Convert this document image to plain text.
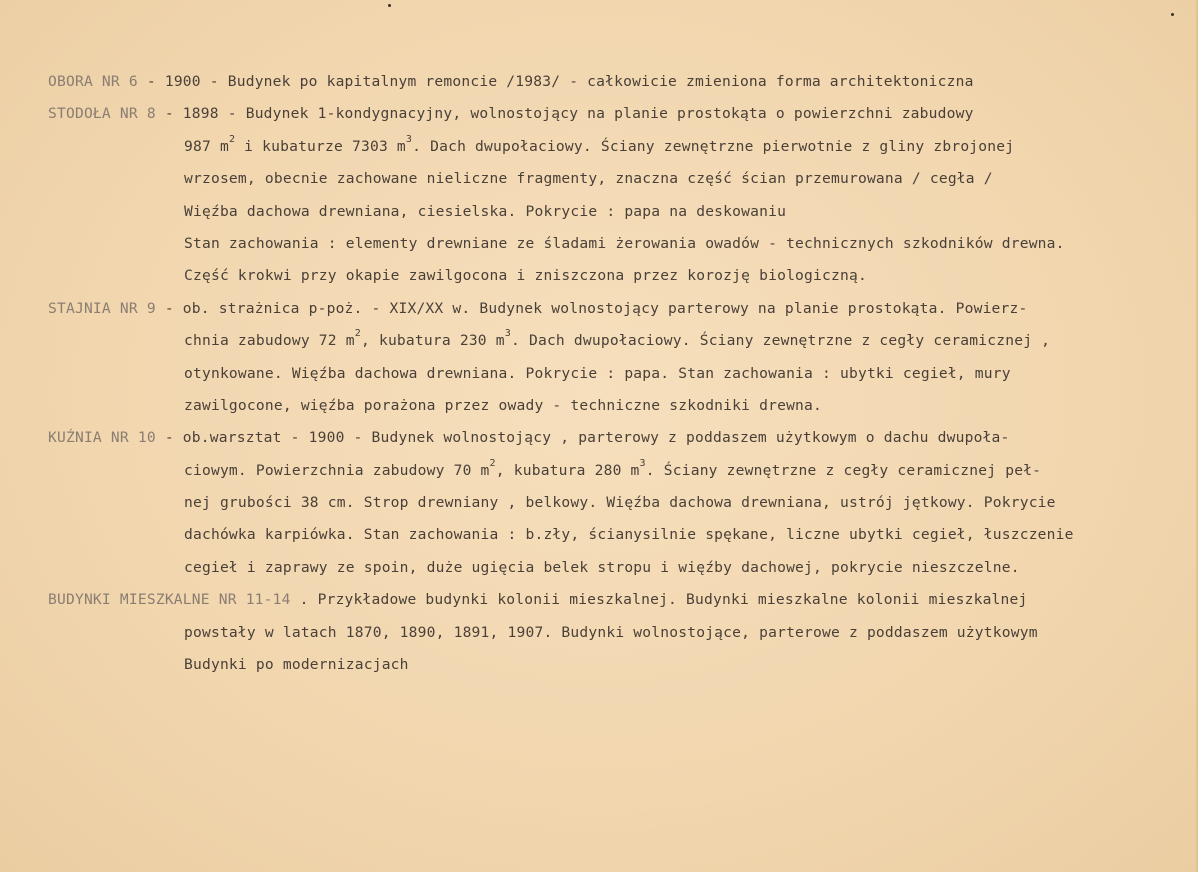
OBORA NR 6 - 1900 - Budynek po kapitalnym remoncie /1983/ - całkowicie zmieniona forma architektoniczna
STODOŁA NR 8 - 1898 - Budynek 1-kondygnacyjny, wolnostojący na planie prostokąta o powierzchni zabudowy
987 $m^2$ i kubaturze 7303 $m^3$. Dach dwupołaciowy. Ściany zewnętrzne pierwotnie z gliny zbrojonej
wrzosem, obecnie zachowane nieliczne fragmenty, znaczna część ścian przemurowana / cegła /
Więźba dachowa drewniana, ciesielska. Pokrycie : papa na deskowaniu
Stan zachowania : elementy drewniane ze śladami żerowania owadów - technicznych szkodników drewna.
Część krokwi przy okapie zawilgocona i zniszczona przez korozję biologiczną.
STAJNIA NR 9 - ob. strażnica p-poż. - XIX/XX w. Budynek wolnostojący parterowy na planie prostokąta. Powierz-
chnia zabudowy 72 $m^2$, kubatura 230 $m^3$. Dach dwupołaciowy. Ściany zewnętrzne z cegły ceramicznej ,
otynkowane. Więźba dachowa drewniana. Pokrycie : papa. Stan zachowania : ubytki cegieł, mury
zawilgocone, więźba porażona przez owady - techniczne szkodniki drewna.
KUŹNIA NR 10 - ob.warsztat - 1900 - Budynek wolnostojący , parterowy z poddaszem użytkowym o dachu dwupoła-
ciowym. Powierzchnia zabudowy 70 $m^2$, kubatura 280 $m^3$. Ściany zewnętrzne z cegły ceramicznej peł-
nej grubości 38 cm. Strop drewniany , belkowy. Więźba dachowa drewniana, ustrój jętkowy. Pokrycie
dachówka karpiówka. Stan zachowania : b.zły, ścianysilnie spękane, liczne ubytki cegieł, łuszczenie
cegieł i zaprawy ze spoin, duże ugięcia belek stropu i więźby dachowej, pokrycie nieszczelne.
BUDYNKI MIESZKALNE NR 11-14 . Przykładowe budynki kolonii mieszkalnej. Budynki mieszkalne kolonii mieszkalnej
powstały w latach 1870, 1890, 1891, 1907. Budynki wolnostojące, parterowe z poddaszem użytkowym
Budynki po modernizacjach
